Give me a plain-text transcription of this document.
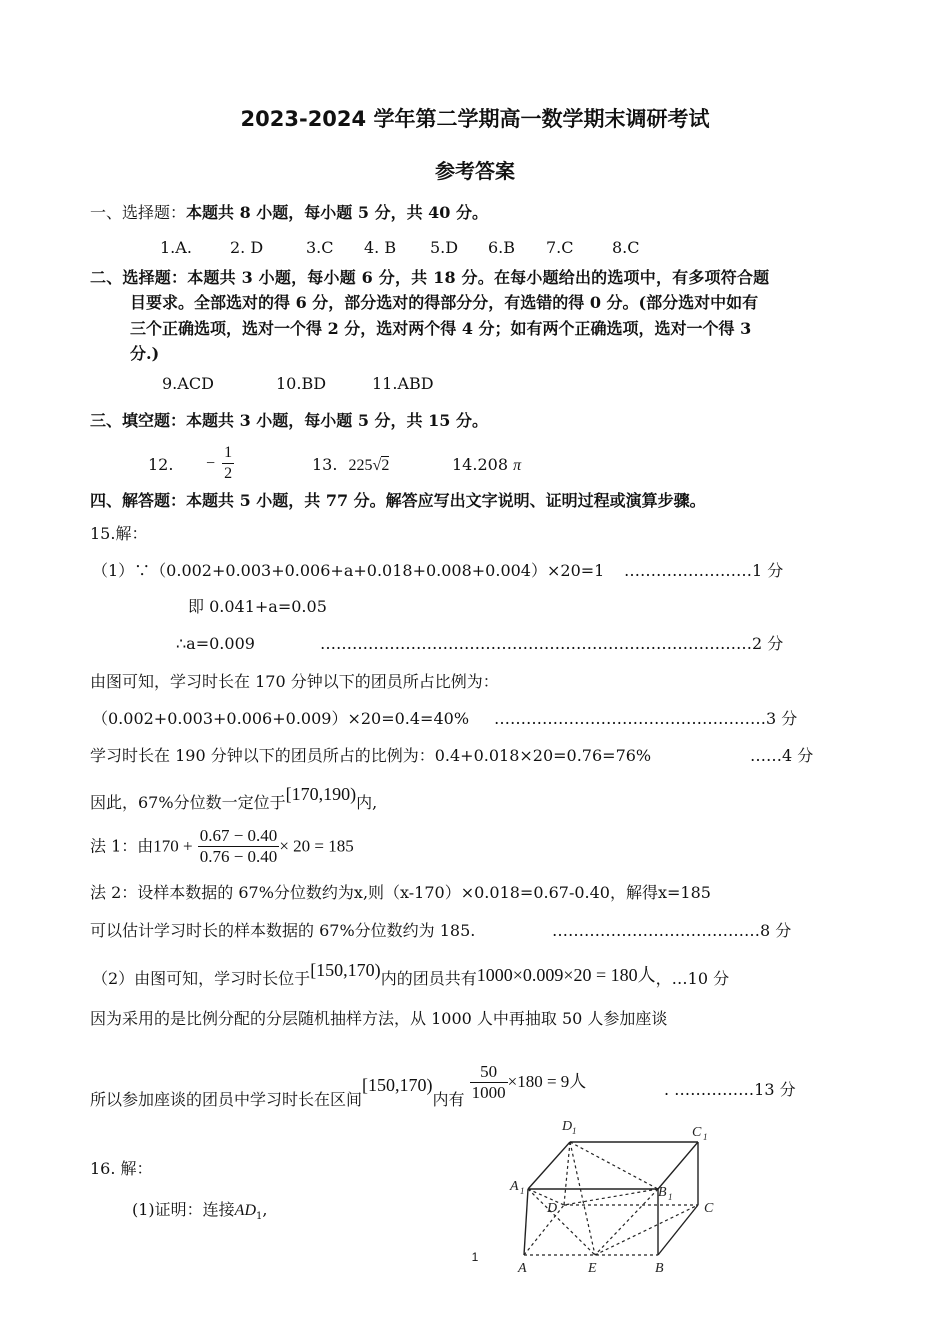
2023-2024 学年第二学期高一数学期末调研考试
参考答案
一、选择题：本题共 8 小题，每小题 5 分，共 40 分。
1.A. 2. D	3.C 4. B 5.D 6.B 7.C 8.C
二、选择题：本题共 3 小题，每小题 6 分，共 18 分。在每小题给出的选项中，有多项符合题
目要求。全部选对的得 6 分，部分选对的得部分分，有选错的得 0 分。(部分选对中如有
三个正确选项，选对一个得 2 分，选对两个得 4 分；如有两个正确选项，选对一个得 3
分.)
9.ACD	10.BD	11.ABD
三、填空题：本题共 3 小题，每小题 5 分，共 15 分。
12. − $\frac{1}{2}$	13. 225√2	14.208 π
四、解答题：本题共 5 小题，共 77 分。解答应写出文字说明、证明过程或演算步骤。
15.解：
（1）∵（0.002+0.003+0.006+a+0.018+0.008+0.004）×20=1 ……………………1 分
即 0.041+a=0.05
∴a=0.009	………………………………………………………………………2 分
由图可知，学习时长在 170 分钟以下的团员所占比例为：
（0.002+0.003+0.006+0.009）×20=0.4=40% ……………………………………………3 分
学习时长在 190 分钟以下的团员所占的比例为：0.4+0.018×20=0.76=76%	……4 分
因此，67%分位数一定位于[170,190)内,
法 1：由$170 + \frac{0.67 - 0.40}{0.76 - 0.40} \times 20 = 185$
法 2：设样本数据的 67%分位数约为x,则（x-170）×0.018=0.67-0.40，解得x=185
可以估计学习时长的样本数据的 67%分位数约为 185.	…………………………………8 分
（2）由图可知，学习时长位于[150,170)内的团员共有1000×0.009×20 = 180人，…10 分
因为采用的是比例分配的分层随机抽样方法，从 1000 人中再抽取 50 人参加座谈
所以参加座谈的团员中学习时长在区间[150,170)内有 $\frac{50}{1000} \times 180 = 9$人	. ……………13 分
16. 解：
(1)证明：连接$AD_1$,
D 1	C 1
A 1	B 1
D	C
A	E	B
1
